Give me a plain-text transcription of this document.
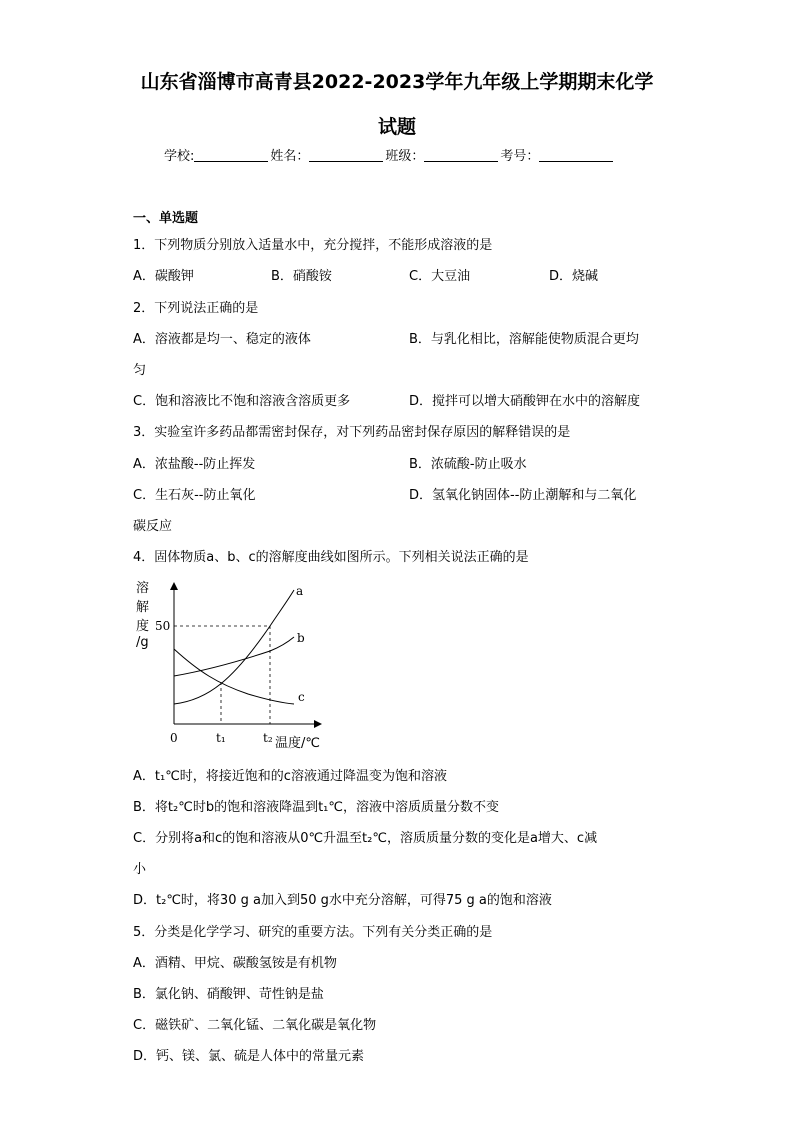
山东省淄博市高青县2022-2023学年九年级上学期期末化学
试题
学校:	姓名：	班级：	考号：
一、单选题
1．下列物质分别放入适量水中，充分搅拌，不能形成溶液的是
A．碳酸钾	B．硝酸铵	C．大豆油	D．烧碱
2．下列说法正确的是
A．溶液都是均一、稳定的液体	B．与乳化相比，溶解能使物质混合更均
匀
C．饱和溶液比不饱和溶液含溶质更多	D．搅拌可以增大硝酸钾在水中的溶解度
3．实验室许多药品都需密封保存，对下列药品密封保存原因的解释错误的是
A．浓盐酸--防止挥发	B．浓硫酸-防止吸水
C．生石灰--防止氧化	D．氢氧化钠固体--防止潮解和与二氧化
碳反应
4．固体物质a、b、c的溶解度曲线如图所示。下列相关说法正确的是
溶
解
度
/g
50
0	t₁	t₂ 温度/℃
a
b
c
A．t₁℃时，将接近饱和的c溶液通过降温变为饱和溶液
B．将t₂℃时b的饱和溶液降温到t₁℃，溶液中溶质质量分数不变
C．分别将a和c的饱和溶液从0℃升温至t₂℃，溶质质量分数的变化是a增大、c减
小
D．t₂℃时，将30 g a加入到50 g水中充分溶解，可得75 g a的饱和溶液
5．分类是化学学习、研究的重要方法。下列有关分类正确的是
A．酒精、甲烷、碳酸氢铵是有机物
B．氯化钠、硝酸钾、苛性钠是盐
C．磁铁矿、二氧化锰、二氧化碳是氧化物
D．钙、镁、氯、硫是人体中的常量元素
